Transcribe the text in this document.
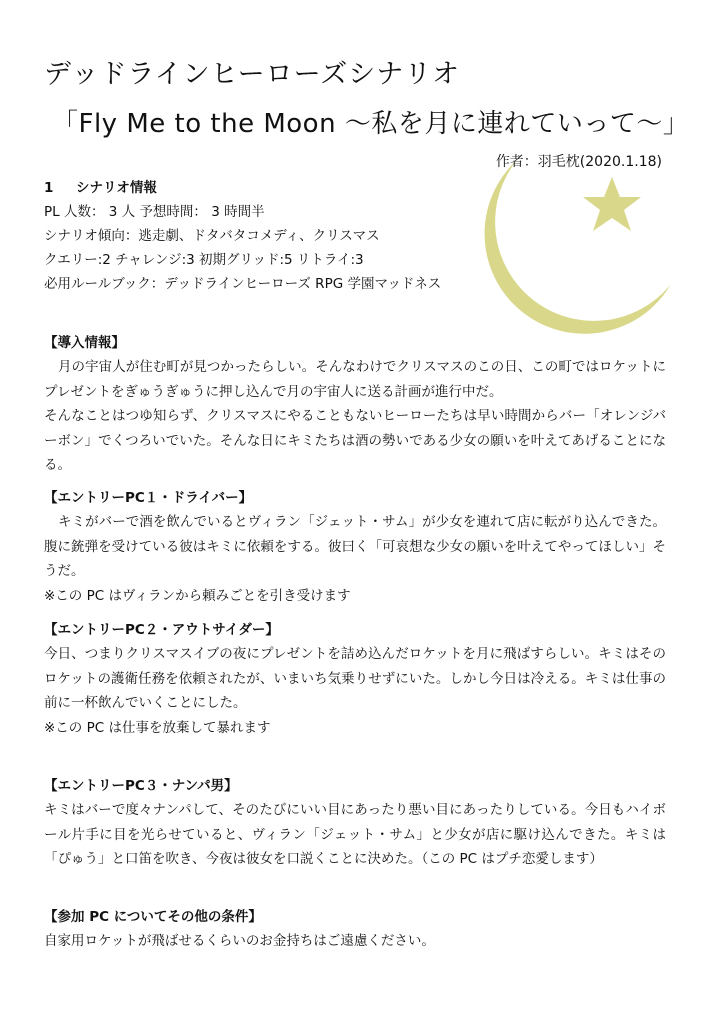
デッドラインヒーローズシナリオ
「Fly Me to the Moon ～私を月に連れていって～」
作者：羽毛枕(2020.1.18)
1 シナリオ情報
PL 人数： 3 人 予想時間： 3 時間半
シナリオ傾向：逃走劇、ドタバタコメディ、クリスマス
クエリー:2 チャレンジ:3 初期グリッド:5 リトライ:3
必用ルールブック：デッドラインヒーローズ RPG 学園マッドネス
【導入情報】
月の宇宙人が住む町が見つかったらしい。そんなわけでクリスマスのこの日、この町ではロケットにプレゼントをぎゅうぎゅうに押し込んで月の宇宙人に送る計画が進行中だ。
そんなことはつゆ知らず、クリスマスにやることもないヒーローたちは早い時間からバー「オレンジバーボン」でくつろいでいた。そんな日にキミたちは酒の勢いである少女の願いを叶えてあげることになる。
【エントリーPC１・ドライバー】
キミがバーで酒を飲んでいるとヴィラン「ジェット・サム」が少女を連れて店に転がり込んできた。腹に銃弾を受けている彼はキミに依頼をする。彼曰く「可哀想な少女の願いを叶えてやってほしい」そうだ。
※この PC はヴィランから頼みごとを引き受けます
【エントリーPC２・アウトサイダー】
今日、つまりクリスマスイブの夜にプレゼントを詰め込んだロケットを月に飛ばすらしい。キミはそのロケットの護衛任務を依頼されたが、いまいち気乗りせずにいた。しかし今日は冷える。キミは仕事の前に一杯飲んでいくことにした。
※この PC は仕事を放棄して暴れます
【エントリーPC３・ナンパ男】
キミはバーで度々ナンパして、そのたびにいい目にあったり悪い目にあったりしている。今日もハイボール片手に目を光らせていると、ヴィラン「ジェット・サム」と少女が店に駆け込んできた。キミは「ぴゅう」と口笛を吹き、今夜は彼女を口説くことに決めた。（この PC はプチ恋愛します）
【参加 PC についてその他の条件】
自家用ロケットが飛ばせるくらいのお金持ちはご遠慮ください。
